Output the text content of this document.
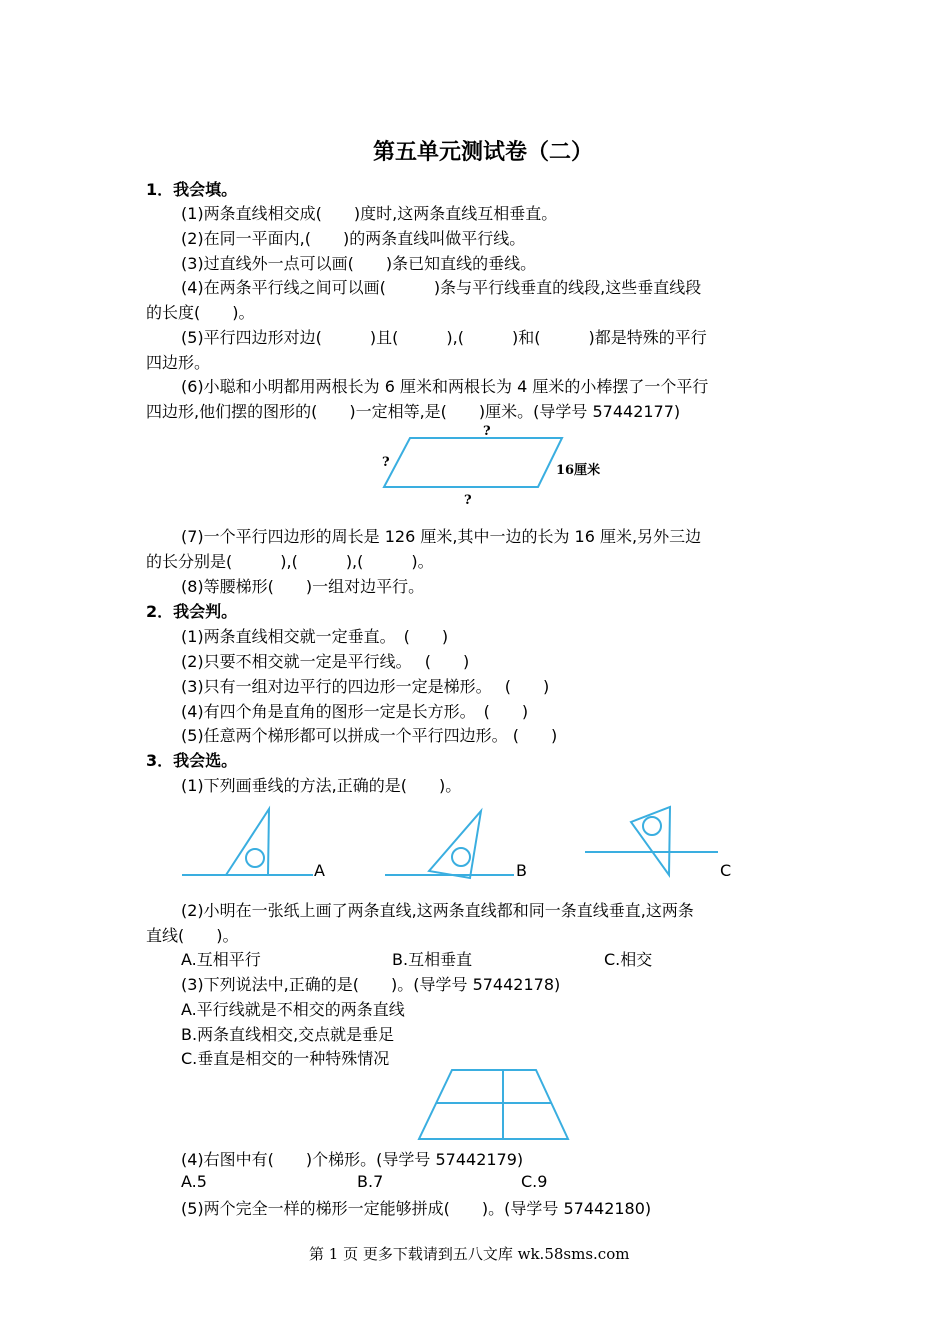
第五单元测试卷（二）
1．我会填。
(1)两条直线相交成(　　)度时,这两条直线互相垂直。
(2)在同一平面内,(　　)的两条直线叫做平行线。
(3)过直线外一点可以画(　　)条已知直线的垂线。
(4)在两条平行线之间可以画(　　　)条与平行线垂直的线段,这些垂直线段
的长度(　　)。
(5)平行四边形对边(　　　)且(　　　),(　　　)和(　　　)都是特殊的平行
四边形。
(6)小聪和小明都用两根长为 6 厘米和两根长为 4 厘米的小棒摆了一个平行
四边形,他们摆的图形的(　　)一定相等,是(　　)厘米。(导学号 57442177)
?
?
?
16厘米
(7)一个平行四边形的周长是 126 厘米,其中一边的长为 16 厘米,另外三边
的长分别是(　　　),(　　　),(　　　)。
(8)等腰梯形(　　)一组对边平行。
2．我会判。
(1)两条直线相交就一定垂直。　(　　)
(2)只要不相交就一定是平行线。　 (　　)
(3)只有一组对边平行的四边形一定是梯形。　 (　　)
(4)有四个角是直角的图形一定是长方形。　(　　)
(5)任意两个梯形都可以拼成一个平行四边形。 (　　)
3．我会选。
(1)下列画垂线的方法,正确的是(　　)。
A	B	C
(2)小明在一张纸上画了两条直线,这两条直线都和同一条直线垂直,这两条
直线(　　)。
A.互相平行	B.互相垂直	C.相交
(3)下列说法中,正确的是(　　)。(导学号 57442178)
A.平行线就是不相交的两条直线
B.两条直线相交,交点就是垂足
C.垂直是相交的一种特殊情况
(4)右图中有(　　)个梯形。(导学号 57442179)
A.5	B.7	C.9
(5)两个完全一样的梯形一定能够拼成(　　)。(导学号 57442180)
第 1 页 更多下载请到五八文库 wk.58sms.com
